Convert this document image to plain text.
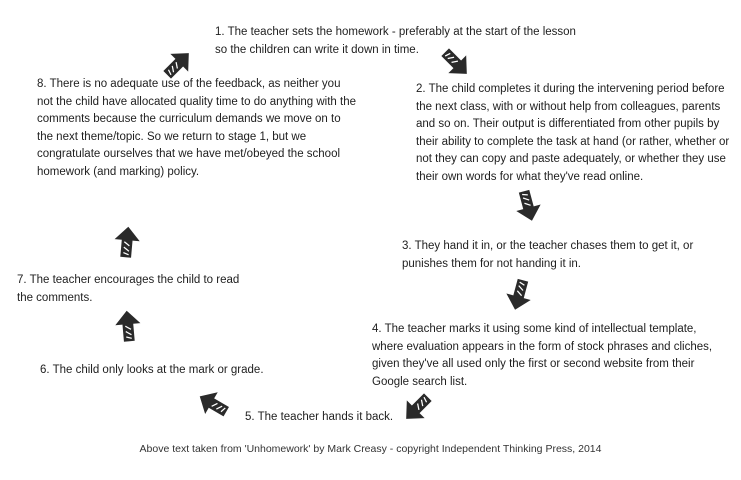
1. The teacher sets the homework - preferably at the start of the lesson so the children can write it down in time.
2. The child completes it during the intervening period before the next class, with or without help from colleagues, parents and so on. Their output is differentiated from other pupils by their ability to complete the task at hand (or rather, whether or not they can copy and paste adequately, or whether they use their own words for what they've read online.
3. They hand it in, or the teacher chases them to get it, or punishes them for not handing it in.
4. The teacher marks it using some kind of intellectual template, where evaluation appears in the form of stock phrases and cliches, given they've all used only the first or second website from their Google search list.
5. The teacher hands it back.
6. The child only looks at the mark or grade.
7. The teacher encourages the child to read the comments.
8. There is no adequate use of the feedback, as neither you not the child have allocated quality time to do anything with the comments because the curriculum demands we move on to the next theme/topic. So we return to stage 1, but we congratulate ourselves that we have met/obeyed the school homework (and marking) policy.
Above text taken from 'Unhomework' by Mark Creasy - copyright Independent Thinking Press, 2014
